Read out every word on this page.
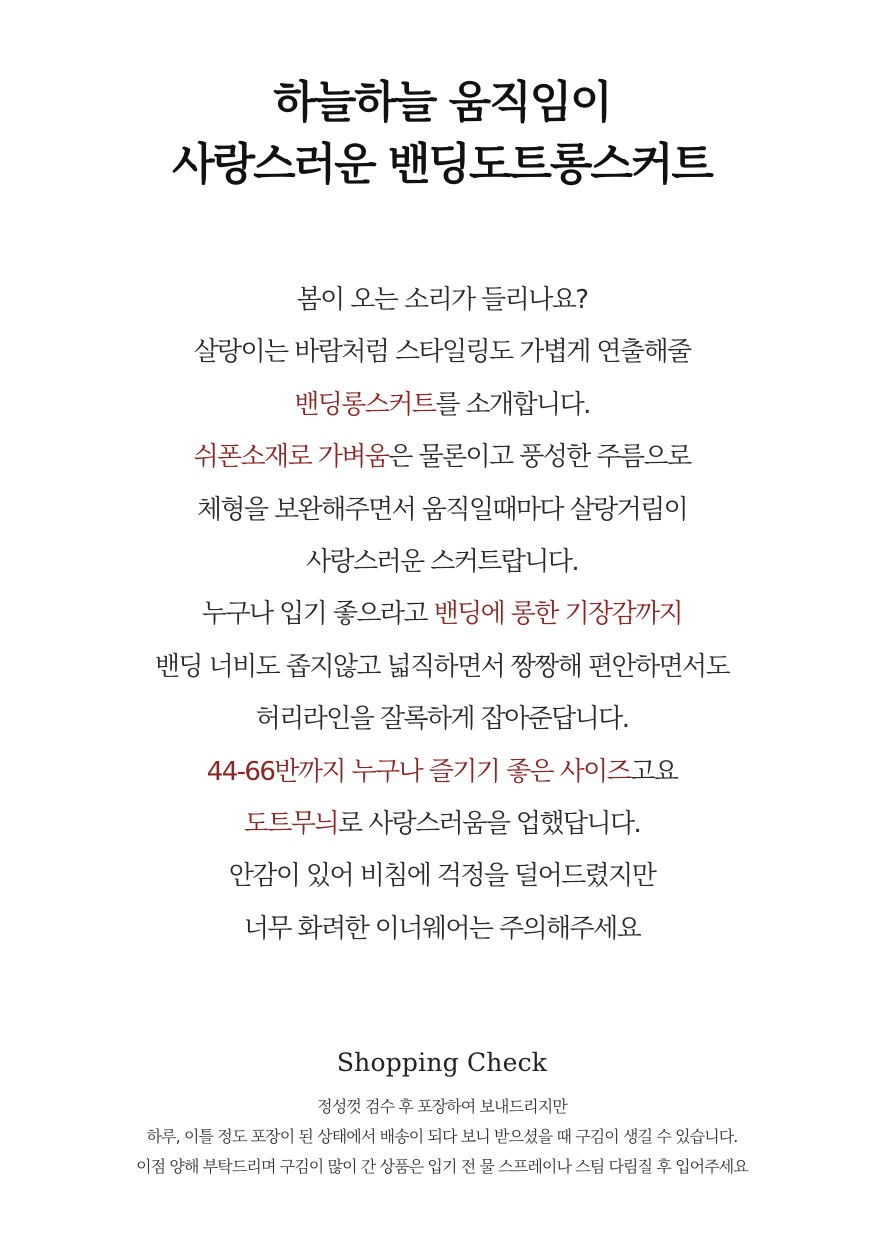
하늘하늘 움직임이
사랑스러운 밴딩도트롱스커트
봄이 오는 소리가 들리나요?
살랑이는 바람처럼 스타일링도 가볍게 연출해줄
밴딩롱스커트를 소개합니다.
쉬폰소재로 가벼움은 물론이고 풍성한 주름으로
체형을 보완해주면서 움직일때마다 살랑거림이
사랑스러운 스커트랍니다.
누구나 입기 좋으라고 밴딩에 롱한 기장감까지
밴딩 너비도 좁지않고 넓직하면서 짱짱해 편안하면서도
허리라인을 잘록하게 잡아준답니다.
44-66반까지 누구나 즐기기 좋은 사이즈고요
도트무늬로 사랑스러움을 업했답니다.
안감이 있어 비침에 걱정을 덜어드렸지만
너무 화려한 이너웨어는 주의해주세요
Shopping Check
정성껏 검수 후 포장하여 보내드리지만
하루, 이틀 정도 포장이 된 상태에서 배송이 되다 보니 받으셨을 때 구김이 생길 수 있습니다.
이점 양해 부탁드리며 구김이 많이 간 상품은 입기 전 물 스프레이나 스팀 다림질 후 입어주세요
